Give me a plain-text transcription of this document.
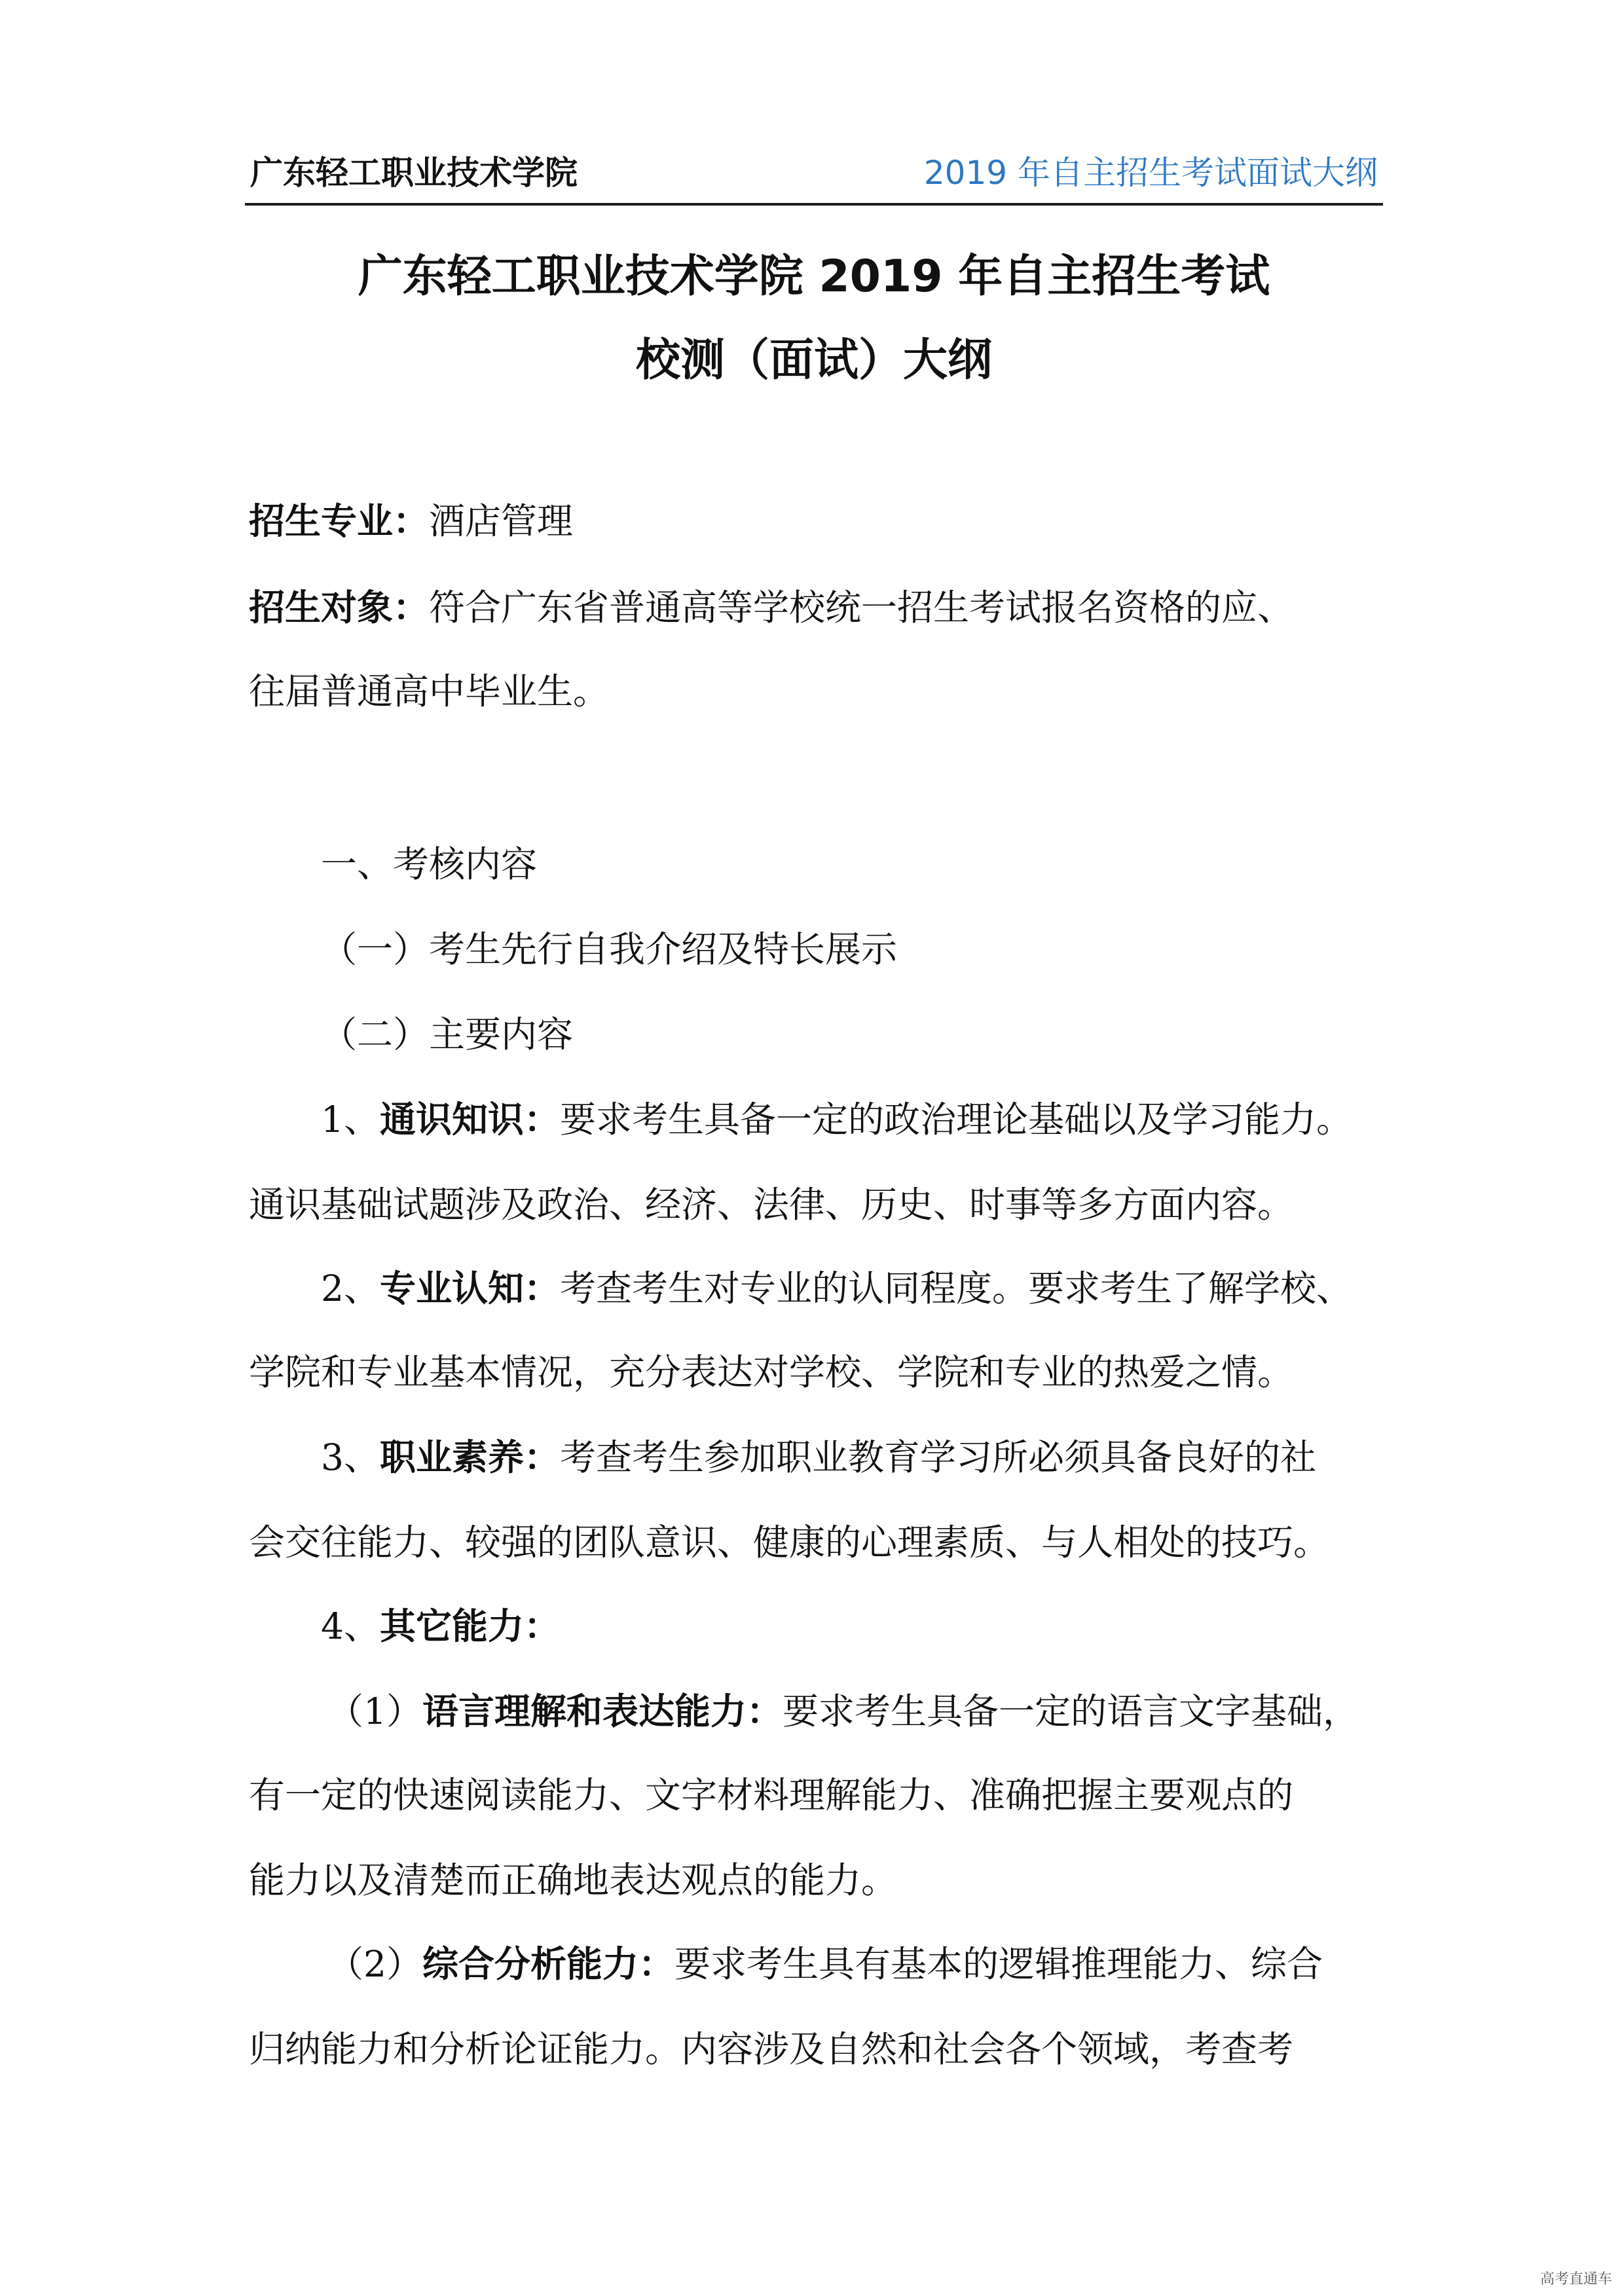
广东轻工职业技术学院	2019 年自主招生考试面试大纲
广东轻工职业技术学院 2019 年自主招生考试
校测（面试）大纲

招生专业：酒店管理

招生对象：符合广东省普通高等学校统一招生考试报名资格的应、

往届普通高中毕业生。

一、考核内容

（一）考生先行自我介绍及特长展示

（二）主要内容

1、通识知识：要求考生具备一定的政治理论基础以及学习能力。

通识基础试题涉及政治、经济、法律、历史、时事等多方面内容。

2、专业认知：考查考生对专业的认同程度。要求考生了解学校、

学院和专业基本情况，充分表达对学校、学院和专业的热爱之情。

3、职业素养：考查考生参加职业教育学习所必须具备良好的社

会交往能力、较强的团队意识、健康的心理素质、与人相处的技巧。

4、其它能力：

（1）语言理解和表达能力：要求考生具备一定的语言文字基础，

有一定的快速阅读能力、文字材料理解能力、准确把握主要观点的

能力以及清楚而正确地表达观点的能力。

（2）综合分析能力：要求考生具有基本的逻辑推理能力、综合

归纳能力和分析论证能力。内容涉及自然和社会各个领域，考查考

高考直通车
